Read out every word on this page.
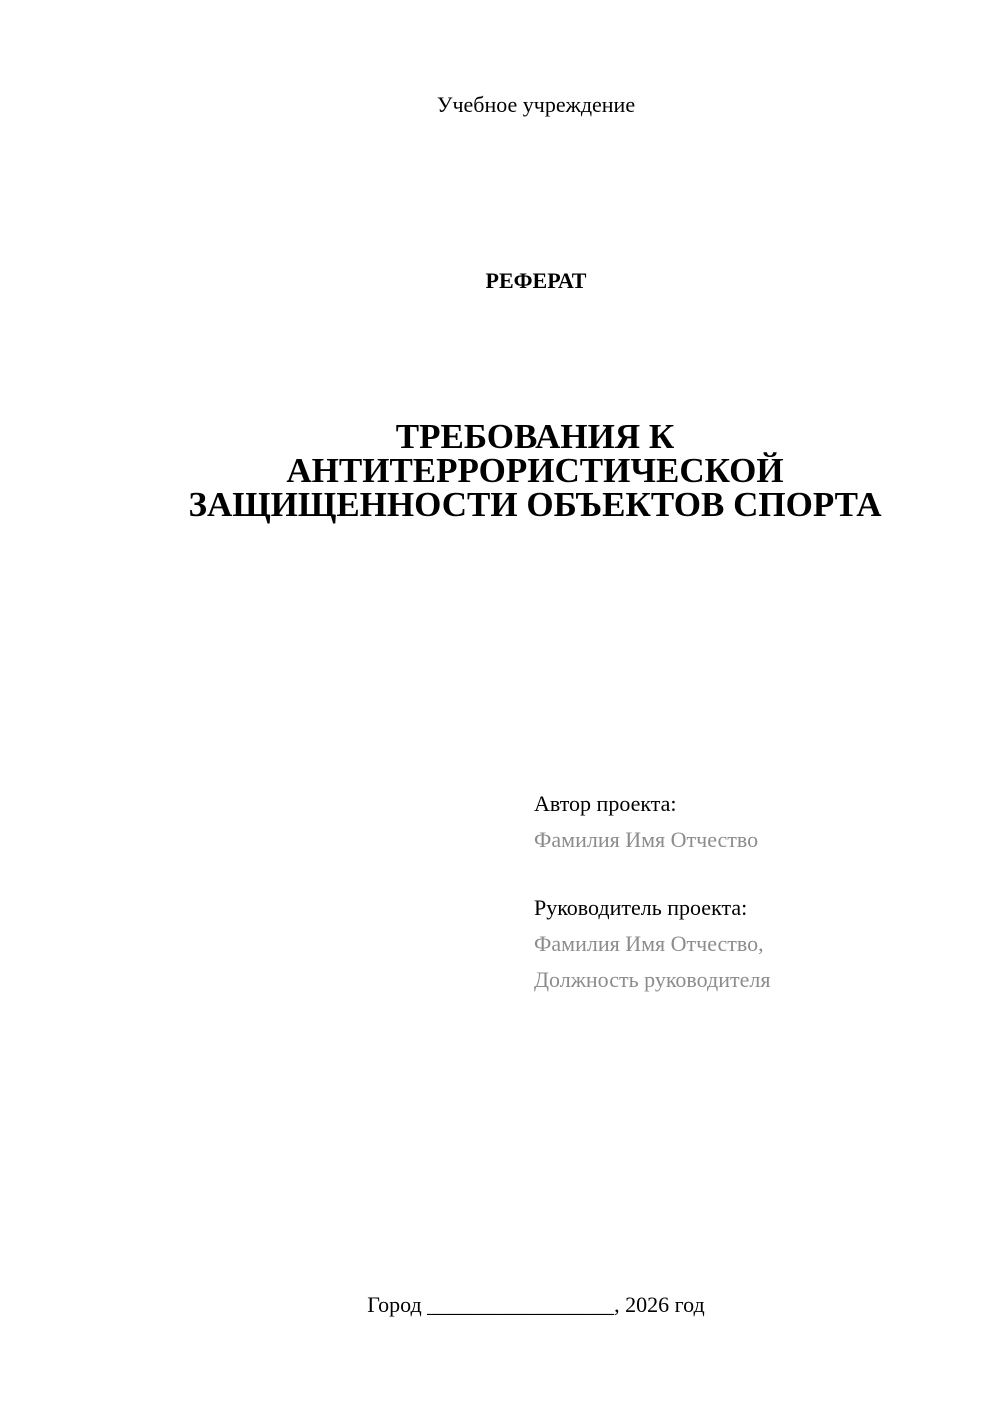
Учебное учреждение
РЕФЕРАТ
ТРЕБОВАНИЯ К
АНТИТЕРРОРИСТИЧЕСКОЙ
ЗАЩИЩЕННОСТИ ОБЪЕКТОВ СПОРТА
Автор проекта:
Фамилия Имя Отчество
Руководитель проекта:
Фамилия Имя Отчество,
Должность руководителя
Город _________________, 2026 год
